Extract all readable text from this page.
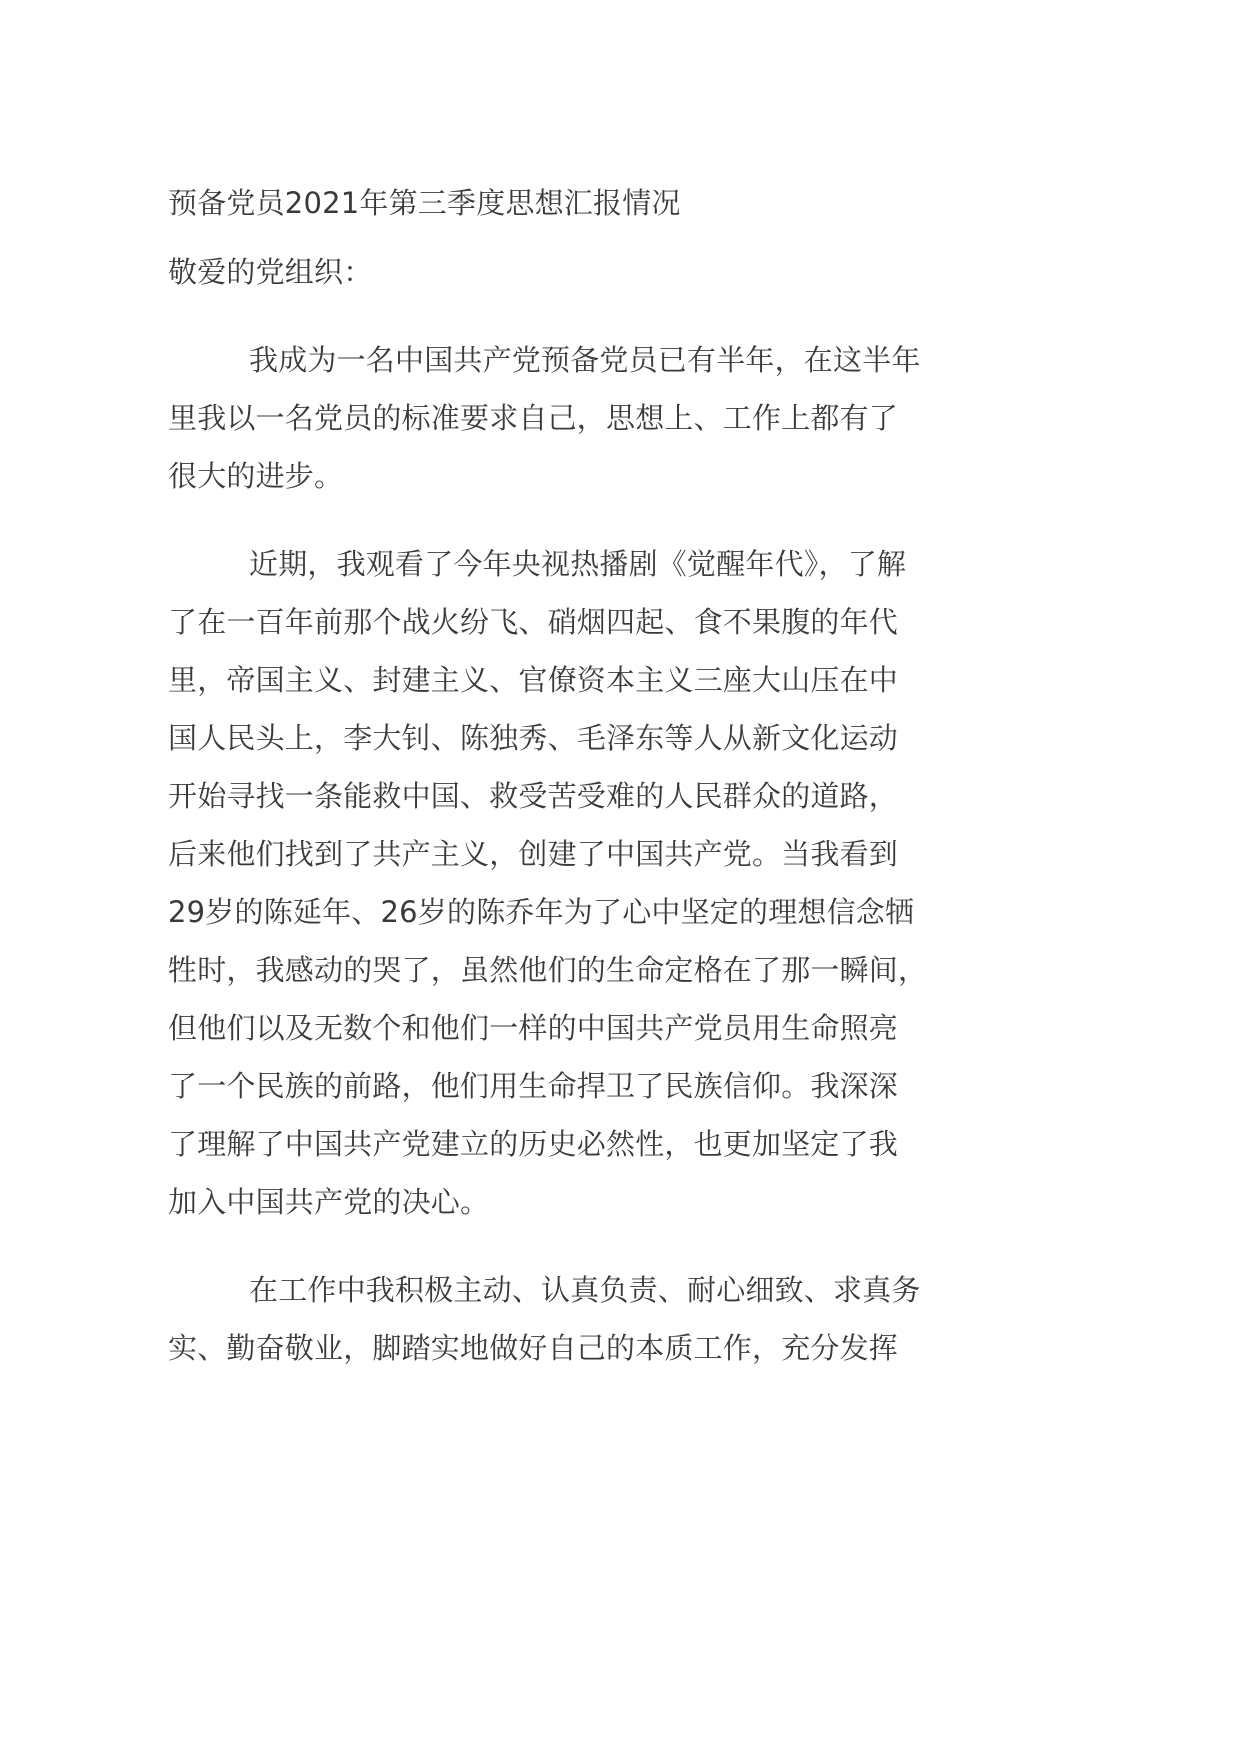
预备党员2021年第三季度思想汇报情况
敬爱的党组织：
我成为一名中国共产党预备党员已有半年，在这半年
里我以一名党员的标准要求自己，思想上、工作上都有了
很大的进步。
近期，我观看了今年央视热播剧《觉醒年代》，了解
了在一百年前那个战火纷飞、硝烟四起、食不果腹的年代
里，帝国主义、封建主义、官僚资本主义三座大山压在中
国人民头上，李大钊、陈独秀、毛泽东等人从新文化运动
开始寻找一条能救中国、救受苦受难的人民群众的道路，
后来他们找到了共产主义，创建了中国共产党。当我看到
29岁的陈延年、26岁的陈乔年为了心中坚定的理想信念牺
牲时，我感动的哭了，虽然他们的生命定格在了那一瞬间，
但他们以及无数个和他们一样的中国共产党员用生命照亮
了一个民族的前路，他们用生命捍卫了民族信仰。我深深
了理解了中国共产党建立的历史必然性，也更加坚定了我
加入中国共产党的决心。
在工作中我积极主动、认真负责、耐心细致、求真务
实、勤奋敬业，脚踏实地做好自己的本质工作，充分发挥
